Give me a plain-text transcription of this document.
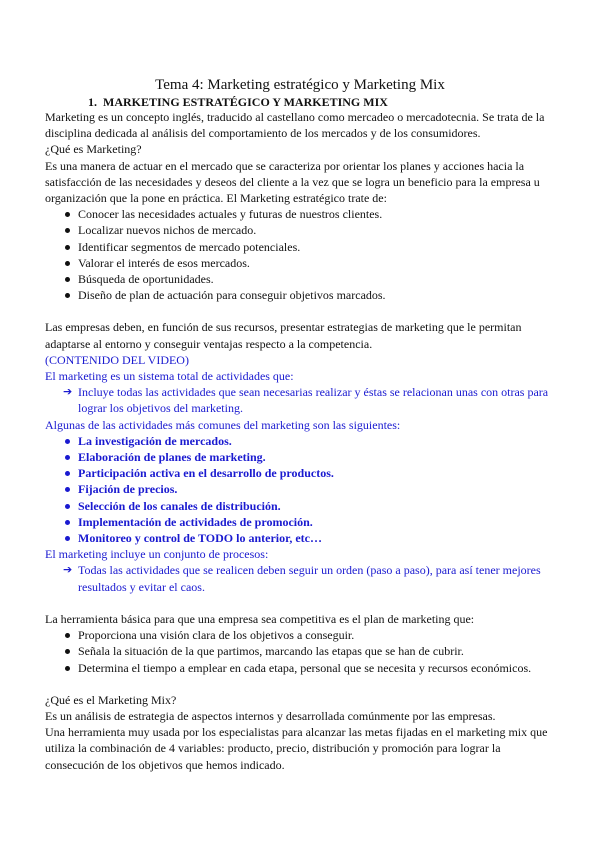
Tema 4: Marketing estratégico y Marketing Mix
1. MARKETING ESTRATÉGICO Y MARKETING MIX

Marketing es un concepto inglés, traducido al castellano como mercadeo o mercadotecnia. Se trata de la disciplina dedicada al análisis del comportamiento de los mercados y de los consumidores.

¿Qué es Marketing?

Es una manera de actuar en el mercado que se caracteriza por orientar los planes y acciones hacia la satisfacción de las necesidades y deseos del cliente a la vez que se logra un beneficio para la empresa u organización que la pone en práctica. El Marketing estratégico trate de:

Conocer las necesidades actuales y futuras de nuestros clientes.
Localizar nuevos nichos de mercado.
Identificar segmentos de mercado potenciales.
Valorar el interés de esos mercados.
Búsqueda de oportunidades.
Diseño de plan de actuación para conseguir objetivos marcados.

Las empresas deben, en función de sus recursos, presentar estrategias de marketing que le permitan adaptarse al entorno y conseguir ventajas respecto a la competencia.

(CONTENIDO DEL VIDEO)

El marketing es un sistema total de actividades que:

➔ Incluye todas las actividades que sean necesarias realizar y éstas se relacionan unas con otras para lograr los objetivos del marketing.

Algunas de las actividades más comunes del marketing son las siguientes:

La investigación de mercados.
Elaboración de planes de marketing.
Participación activa en el desarrollo de productos.
Fijación de precios.
Selección de los canales de distribución.
Implementación de actividades de promoción.
Monitoreo y control de TODO lo anterior, etc…

El marketing incluye un conjunto de procesos:

➔ Todas las actividades que se realicen deben seguir un orden (paso a paso), para así tener mejores resultados y evitar el caos.

La herramienta básica para que una empresa sea competitiva es el plan de marketing que:

Proporciona una visión clara de los objetivos a conseguir.
Señala la situación de la que partimos, marcando las etapas que se han de cubrir.
Determina el tiempo a emplear en cada etapa, personal que se necesita y recursos económicos.

¿Qué es el Marketing Mix?

Es un análisis de estrategia de aspectos internos y desarrollada comúnmente por las empresas.

Una herramienta muy usada por los especialistas para alcanzar las metas fijadas en el marketing mix que utiliza la combinación de 4 variables: producto, precio, distribución y promoción para lograr la consecución de los objetivos que hemos indicado.
